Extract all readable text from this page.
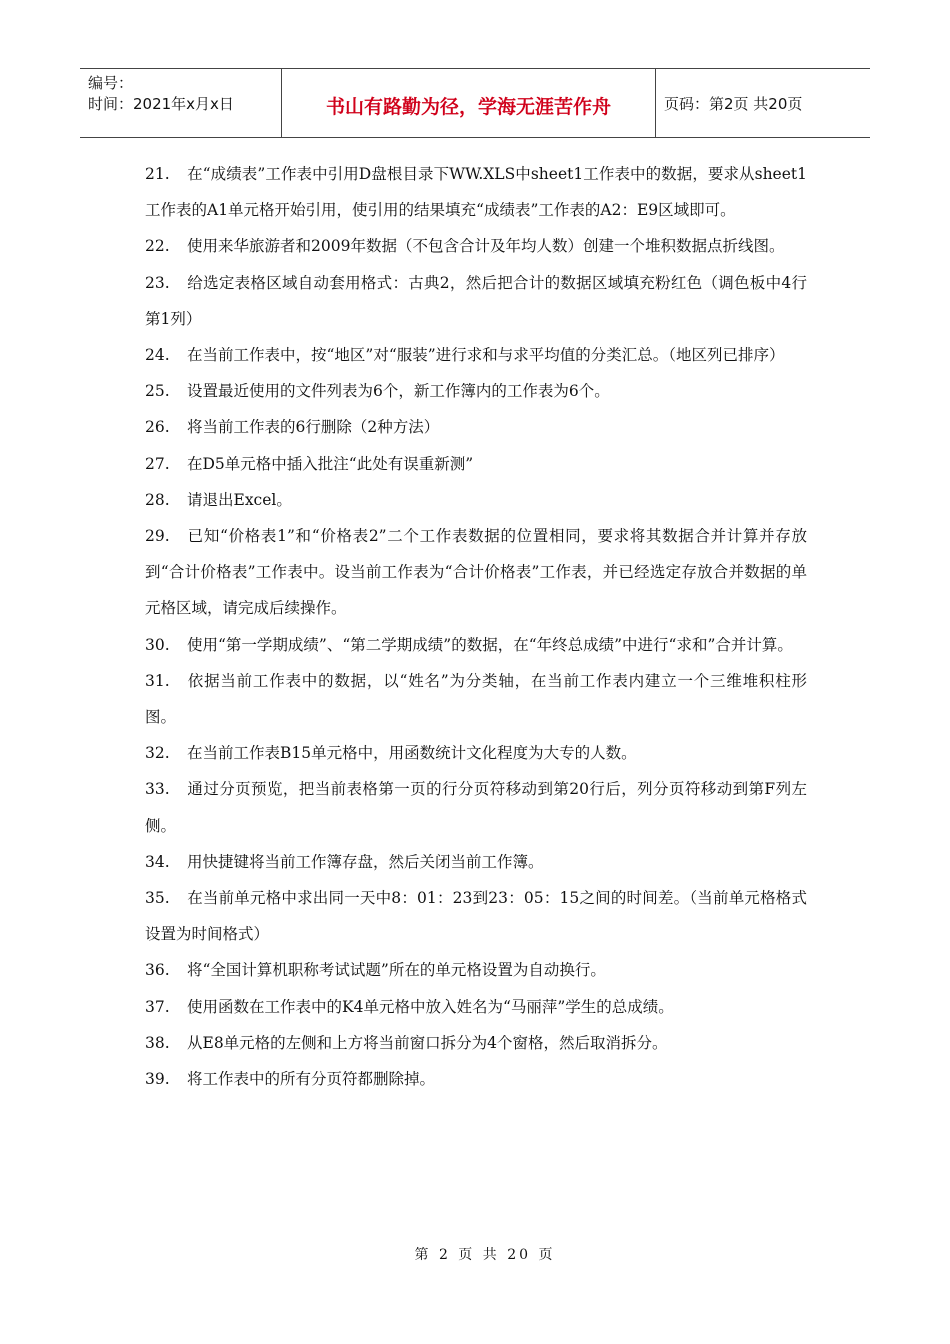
编号：
时间：2021年x月x日	书山有路勤为径，学海无涯苦作舟	页码：第2页 共20页

21. 在“成绩表”工作表中引用D盘根目录下WW.XLS中sheet1工作表中的数据，要求从sheet1工作表的A1单元格开始引用，使引用的结果填充“成绩表”工作表的A2：E9区域即可。

22. 使用来华旅游者和2009年数据（不包含合计及年均人数）创建一个堆积数据点折线图。

23. 给选定表格区域自动套用格式：古典2，然后把合计的数据区域填充粉红色（调色板中4行第1列）

24. 在当前工作表中，按“地区”对“服装”进行求和与求平均值的分类汇总。（地区列已排序）

25. 设置最近使用的文件列表为6个，新工作簿内的工作表为6个。

26. 将当前工作表的6行删除（2种方法）

27. 在D5单元格中插入批注“此处有误重新测”

28. 请退出Excel。

29. 已知“价格表1”和“价格表2”二个工作表数据的位置相同，要求将其数据合并计算并存放到“合计价格表”工作表中。设当前工作表为“合计价格表”工作表，并已经选定存放合并数据的单元格区域，请完成后续操作。

30. 使用“第一学期成绩”、“第二学期成绩”的数据，在“年终总成绩”中进行“求和”合并计算。

31. 依据当前工作表中的数据，以“姓名”为分类轴，在当前工作表内建立一个三维堆积柱形图。

32. 在当前工作表B15单元格中，用函数统计文化程度为大专的人数。

33. 通过分页预览，把当前表格第一页的行分页符移动到第20行后，列分页符移动到第F列左侧。

34. 用快捷键将当前工作簿存盘，然后关闭当前工作簿。

35. 在当前单元格中求出同一天中8：01：23到23：05：15之间的时间差。（当前单元格格式设置为时间格式）

36. 将“全国计算机职称考试试题”所在的单元格设置为自动换行。

37. 使用函数在工作表中的K4单元格中放入姓名为“马丽萍”学生的总成绩。

38. 从E8单元格的左侧和上方将当前窗口拆分为4个窗格，然后取消拆分。

39. 将工作表中的所有分页符都删除掉。

第 2 页 共 20 页
